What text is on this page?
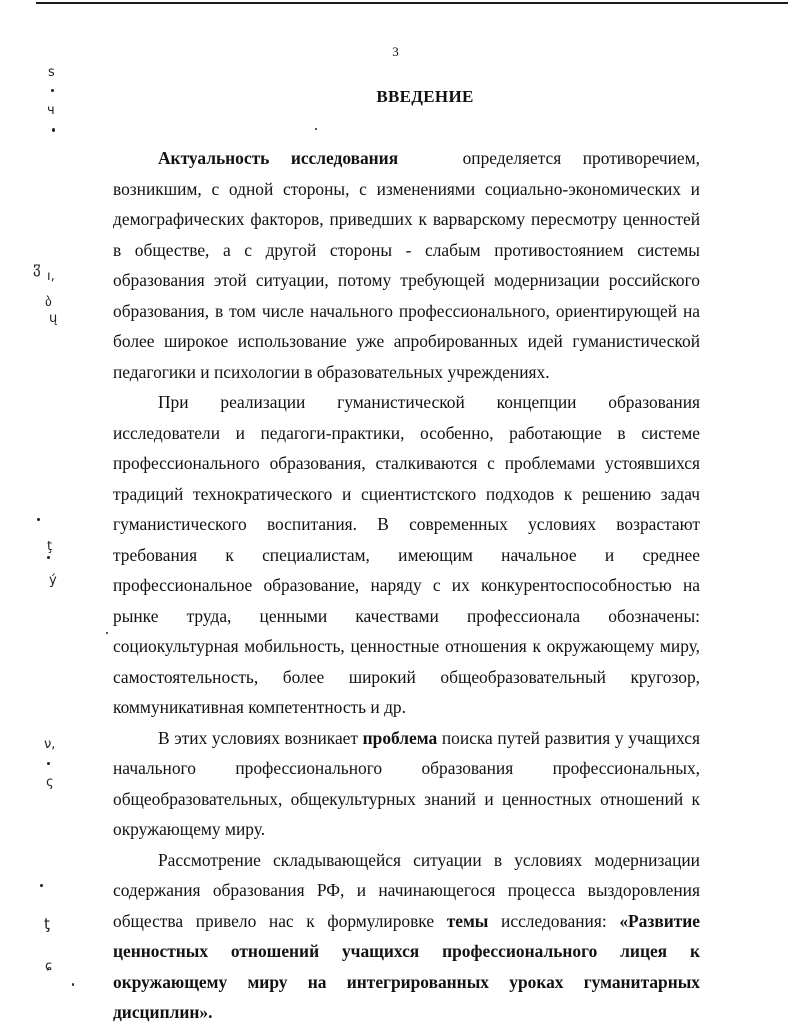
3
ВВЕДЕНИЕ

Актуальность исследования	определяется противоречием, возникшим, с одной стороны, с изменениями социально-экономических и демографических факторов, приведших к варварскому пересмотру ценностей в обществе, а с другой стороны - слабым противостоянием системы образования этой ситуации, потому требующей модернизации российского образования, в том числе начального профессионального, ориентирующей на более широкое использование уже апробированных идей гуманистической педагогики и психологии в образовательных учреждениях.

При реализации гуманистической концепции образования исследователи и педагоги-практики, особенно, работающие в системе профессионального образования, сталкиваются с проблемами устоявшихся традиций технократического и сциентистского подходов к решению задач гуманистического воспитания. В современных условиях возрастают требования к специалистам, имеющим начальное и среднее профессиональное образование, наряду с их конкурентоспособностью на рынке труда, ценными качествами профессионала обозначены: социокультурная мобильность, ценностные отношения к окружающему миру, самостоятельность, более широкий общеобразовательный кругозор, коммуникативная компетентность и др.

В этих условиях возникает проблема поиска путей развития у учащихся начального профессионального образования профессиональных, общеобразовательных, общекультурных знаний и ценностных отношений к окружающему миру.

Рассмотрение складывающейся ситуации в условиях модернизации содержания образования РФ, и начинающегося процесса выздоровления общества привело нас к формулировке темы исследования: «Развитие ценностных отношений учащихся профессионального лицея к окружающему миру на интегрированных уроках гуманитарных дисциплин».

ѕ
ч
ჳ ı,
ბ
ų
ţ
ý
ν,
ς
ƫ
ɕ
